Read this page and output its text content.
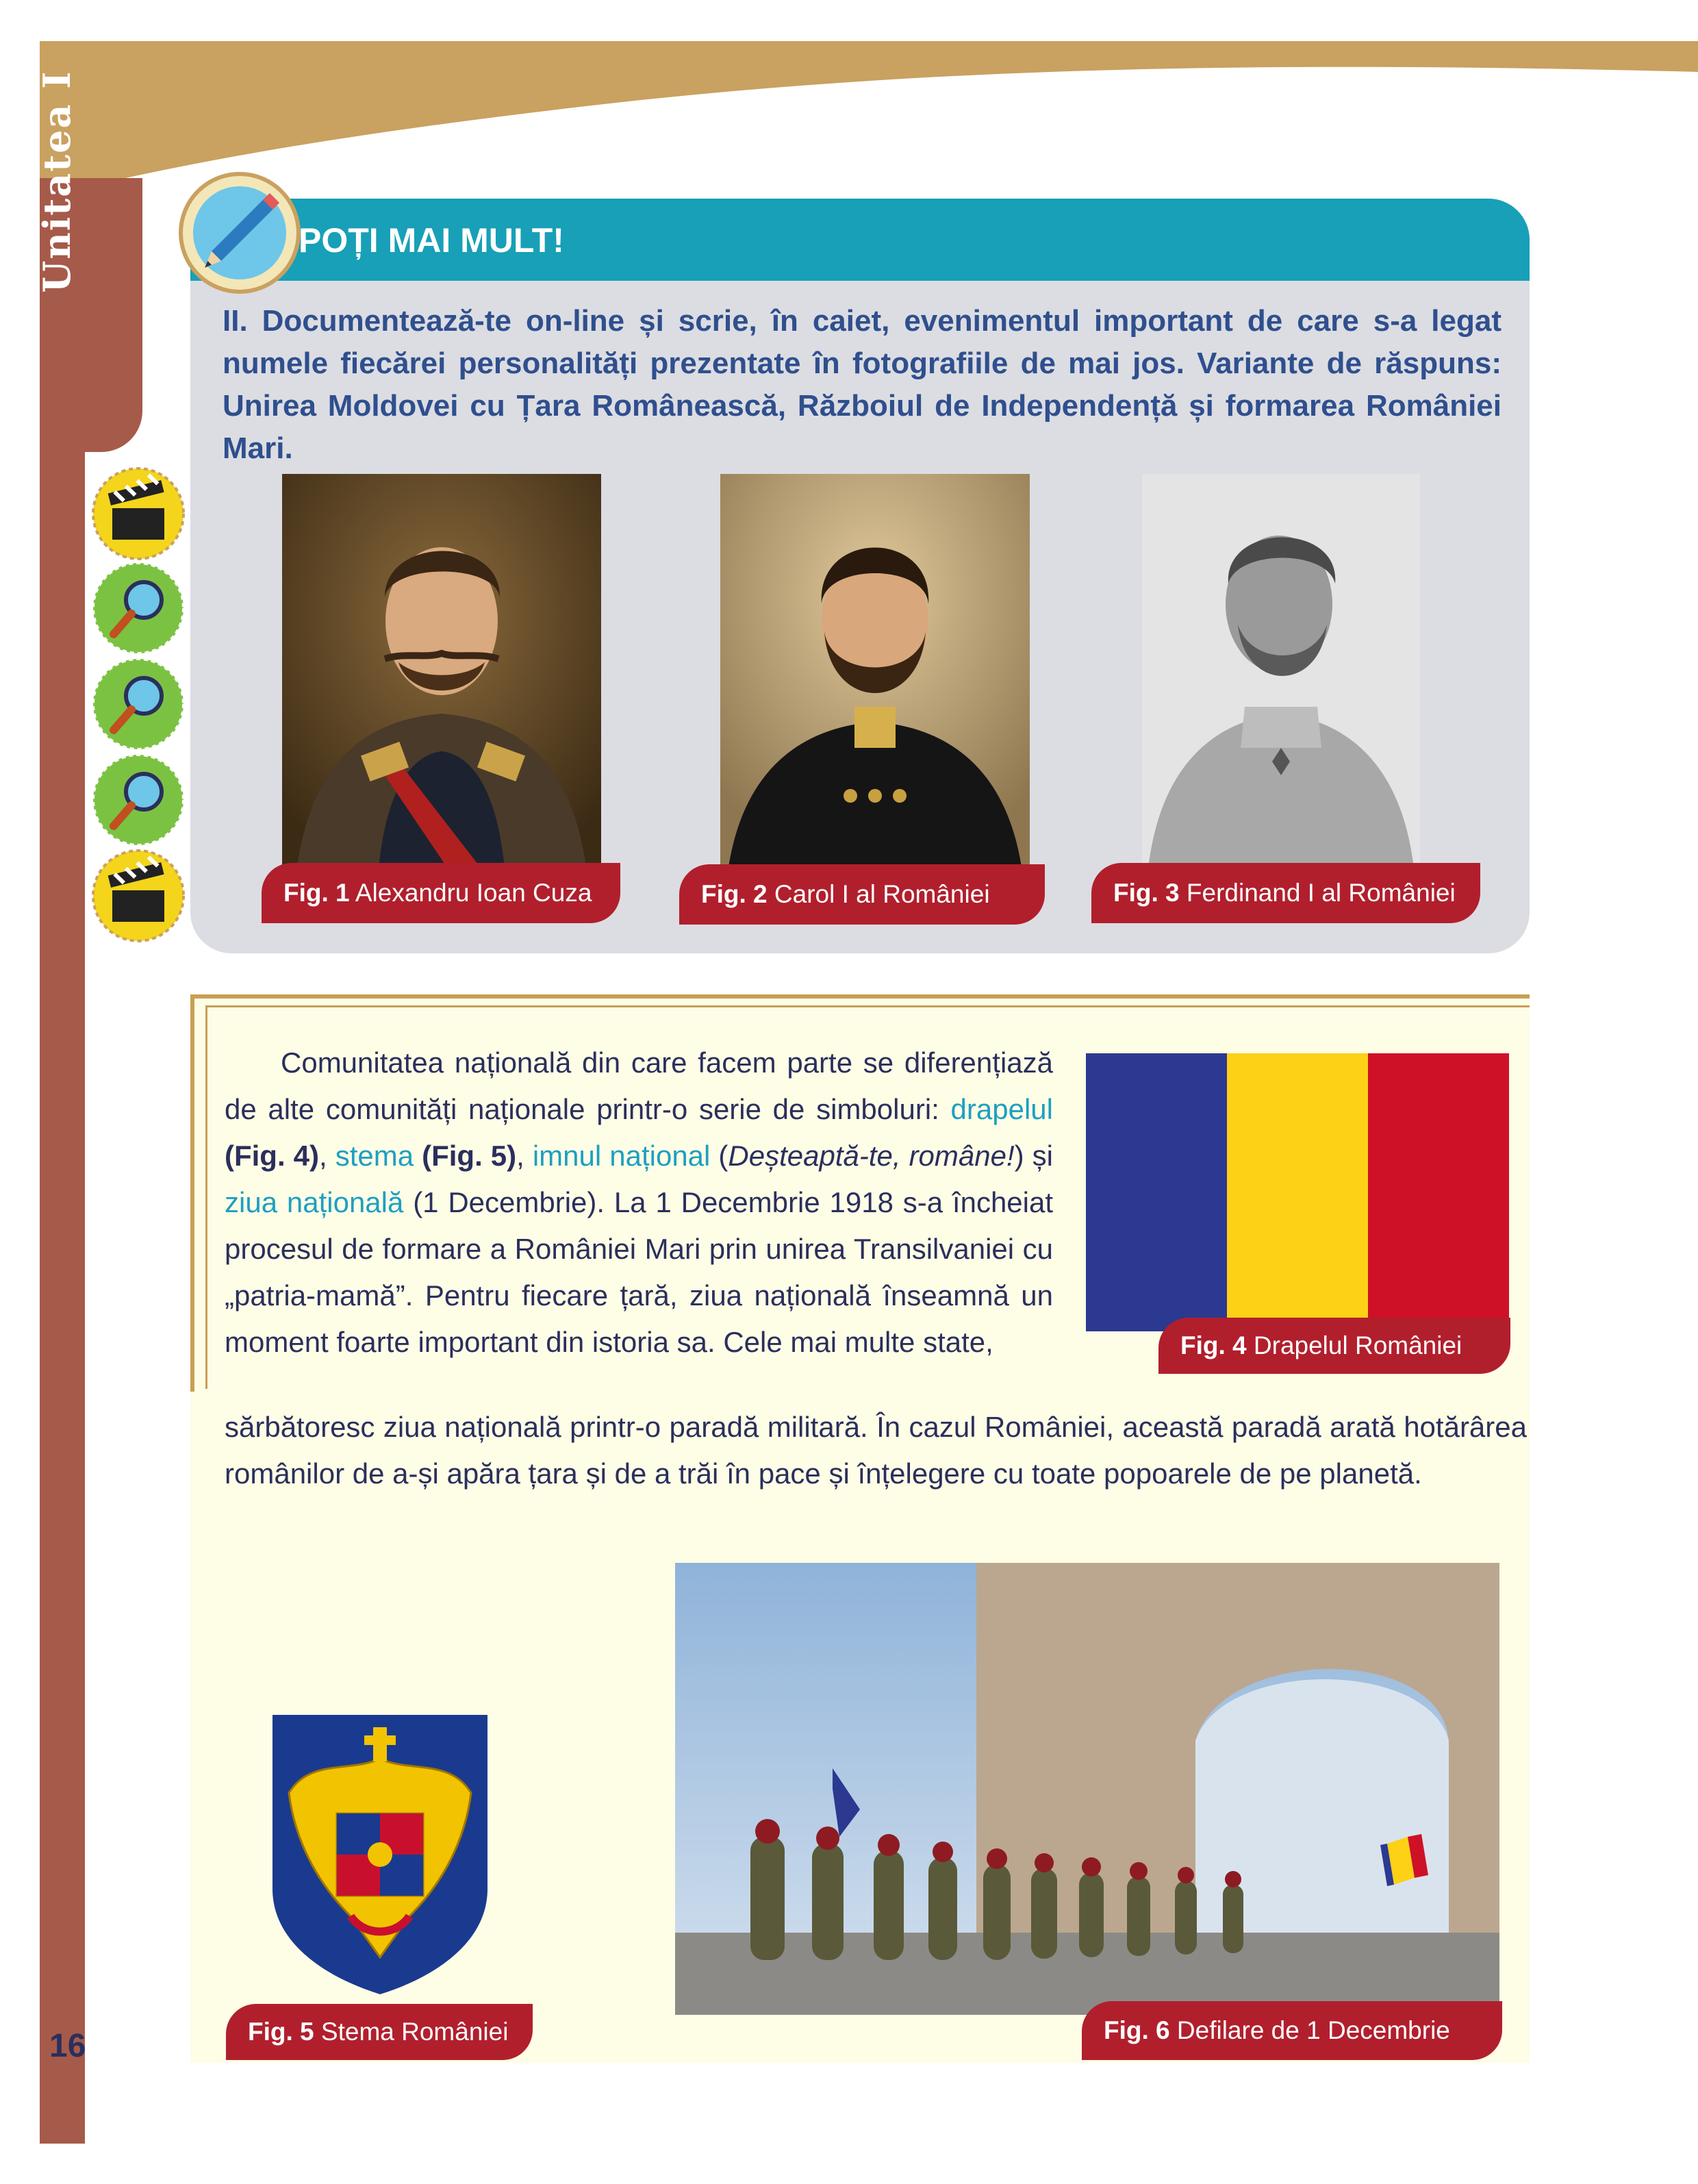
Unitatea I
16
POȚI MAI MULT!
II. Documentează-te on-line și scrie, în caiet, evenimentul important de care s-a legat numele fiecărei personalități prezentate în fotografiile de mai jos. Variante de răspuns: Unirea Moldovei cu Țara Românească, Războiul de Independență și formarea României Mari.
Fig. 1 Alexandru Ioan Cuza	Fig. 2 Carol I al României	Fig. 3 Ferdinand I al României
Fig. 4 Drapelul României
Comunitatea națională din care facem parte se diferențiază de alte comunități naționale printr-o serie de simboluri: drapelul (Fig. 4), stema (Fig. 5), imnul național (Deșteaptă-te, române!) și ziua națională (1 Decembrie). La 1 Decembrie 1918 s-a încheiat procesul de formare a României Mari prin unirea Transilvaniei cu „patria-mamă”. Pentru fiecare țară, ziua națională înseamnă un moment foarte important din istoria sa. Cele mai multe state,
sărbătoresc ziua națională printr-o paradă militară. În cazul României, această paradă arată hotărârea românilor de a-și apăra țara și de a trăi în pace și înțelegere cu toate popoarele de pe planetă.
Fig. 5 Stema României	Fig. 6 Defilare de 1 Decembrie
